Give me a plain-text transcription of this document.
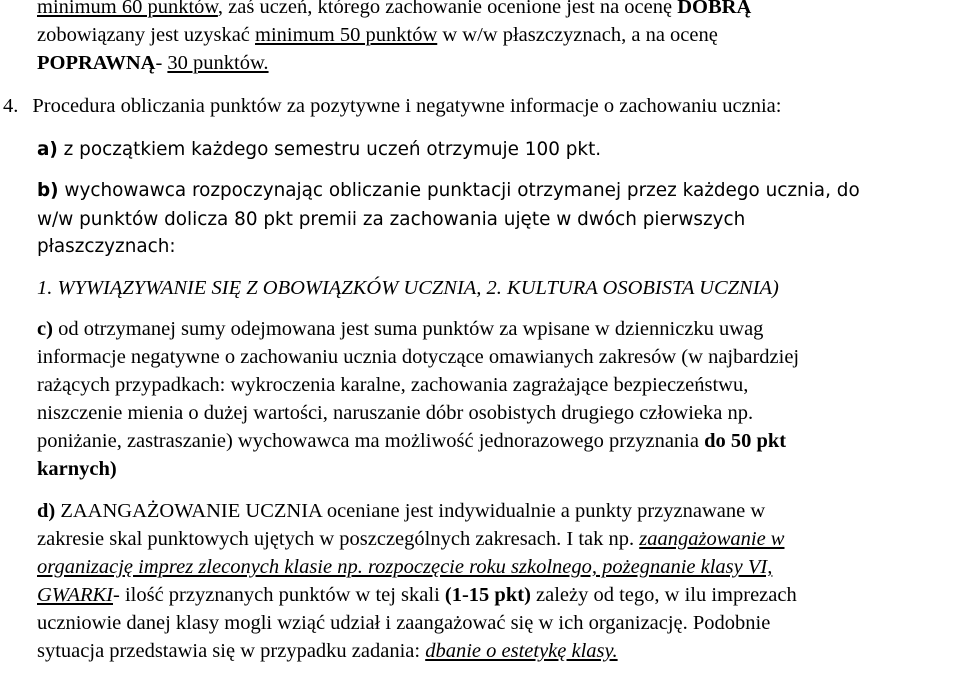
minimum 60 punktów, zaś uczeń, którego zachowanie ocenione jest na ocenę DOBRĄ
zobowiązany jest uzyskać minimum 50 punktów w w/w płaszczyznach, a na ocenę
POPRAWNĄ- 30 punktów.
4. Procedura obliczania punktów za pozytywne i negatywne informacje o zachowaniu ucznia:
a) z początkiem każdego semestru uczeń otrzymuje 100 pkt.
b) wychowawca rozpoczynając obliczanie punktacji otrzymanej przez każdego ucznia, do
w/w punktów dolicza 80 pkt premii za zachowania ujęte w dwóch pierwszych
płaszczyznach:
1. WYWIĄZYWANIE SIĘ Z OBOWIĄZKÓW UCZNIA, 2. KULTURA OSOBISTA UCZNIA)
c) od otrzymanej sumy odejmowana jest suma punktów za wpisane w dzienniczku uwag
informacje negatywne o zachowaniu ucznia dotyczące omawianych zakresów (w najbardziej
rażących przypadkach: wykroczenia karalne, zachowania zagrażające bezpieczeństwu,
niszczenie mienia o dużej wartości, naruszanie dóbr osobistych drugiego człowieka np.
poniżanie, zastraszanie) wychowawca ma możliwość jednorazowego przyznania do 50 pkt
karnych)
d) ZAANGAŻOWANIE UCZNIA oceniane jest indywidualnie a punkty przyznawane w
zakresie skal punktowych ujętych w poszczególnych zakresach. I tak np. zaangażowanie w
organizację imprez zleconych klasie np. rozpoczęcie roku szkolnego, pożegnanie klasy VI,
GWARKI- ilość przyznanych punktów w tej skali (1-15 pkt) zależy od tego, w ilu imprezach
uczniowie danej klasy mogli wziąć udział i zaangażować się w ich organizację. Podobnie
sytuacja przedstawia się w przypadku zadania: dbanie o estetykę klasy.
